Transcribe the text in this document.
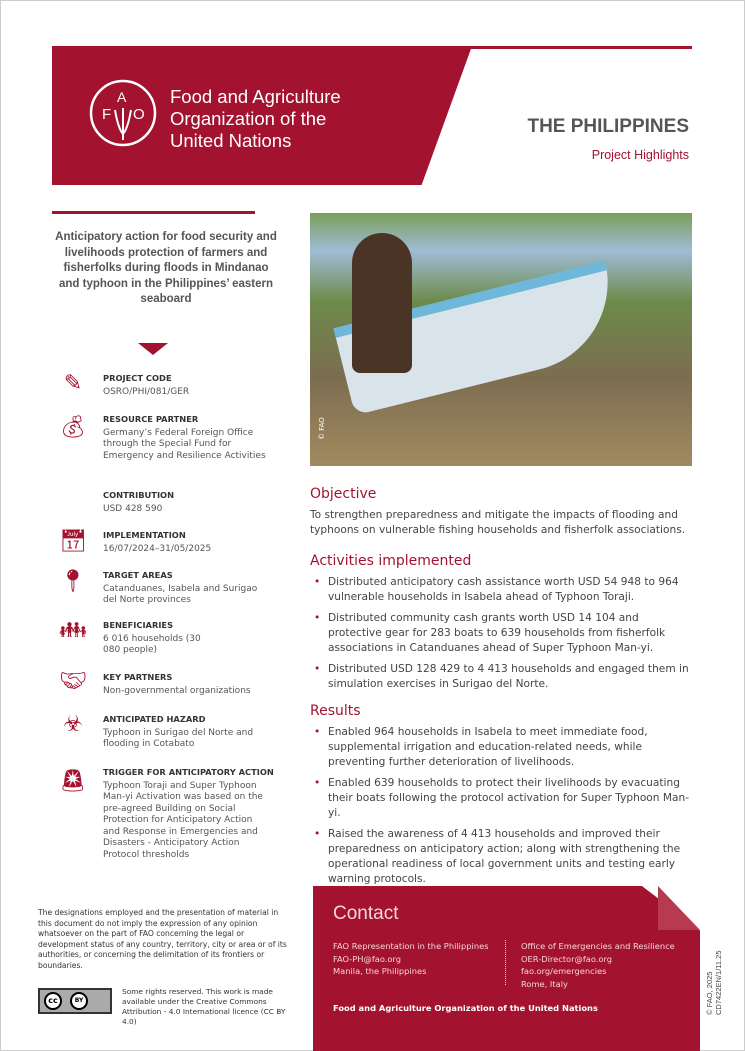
F
A
O
Food and Agriculture
Organization of the
United Nations
THE PHILIPPINES
Project Highlights
Anticipatory action for food security and livelihoods protection of farmers and fisherfolks during floods in Mindanao and typhoon in the Philippines’ eastern seaboard
✎	PROJECT CODE

OSRO/PHI/081/GER

💰︎ RESOURCE PARTNER

Germany’s Federal Foreign Office through the Special Fund for Emergency and Resilience Activities

CONTRIBUTION

USD 428 590

📅︎ IMPLEMENTATION

16/07/2024–31/05/2025

📍︎ TARGET AREAS

Catanduanes, Isabela and Surigao del Norte provinces

👪︎ BENEFICIARIES

6 016 households (30 080 people)

🤝︎ KEY PARTNERS

Non-governmental organizations

☣	ANTICIPATED HAZARD

Typhoon in Surigao del Norte and flooding in Cotabato

🚨︎ TRIGGER FOR ANTICIPATORY ACTION

Typhoon Toraji and Super Typhoon Man-yi Activation was based on the pre-agreed Building on Social Protection for Anticipatory Action and Response in Emergencies and Disasters - Anticipatory Action Protocol thresholds

© FAO
Objective

To strengthen preparedness and mitigate the impacts of flooding and typhoons on vulnerable fishing households and fisherfolk associations.

Activities implemented
• Distributed anticipatory cash assistance worth USD 54 948 to 964 vulnerable households in Isabela ahead of Typhoon Toraji.
• Distributed community cash grants worth USD 14 104 and protective gear for 283 boats to 639 households from fisherfolk associations in Catanduanes ahead of Super Typhoon Man-yi.
• Distributed USD 128 429 to 4 413 households and engaged them in simulation exercises in Surigao del Norte.
Results
• Enabled 964 households in Isabela to meet immediate food, supplemental irrigation and education-related needs, while preventing further deterioration of livelihoods.
• Enabled 639 households to protect their livelihoods by evacuating their boats following the protocol activation for Super Typhoon Man-yi.
• Raised the awareness of 4 413 households and improved their preparedness on anticipatory action; along with strengthening the operational readiness of local government units and testing early warning protocols.
The designations employed and the presentation of material in this document do not imply the expression of any opinion whatsoever on the part of FAO concerning the legal or development status of any country, territory, city or area or of its authorities, or concerning the delimitation of its frontiers or boundaries.
cc	BY
Some rights reserved. This work is made available under the Creative Commons Attribution - 4.0 International licence (CC BY 4.0)
Contact
FAO Representation in the Philippines
FAO-PH@fao.org
Manila, the Philippines
Office of Emergencies and Resilience
OER-Director@fao.org
fao.org/emergencies
Rome, Italy
Food and Agriculture Organization of the United Nations	© FAO, 2025 CD7422EN/1/11.25
